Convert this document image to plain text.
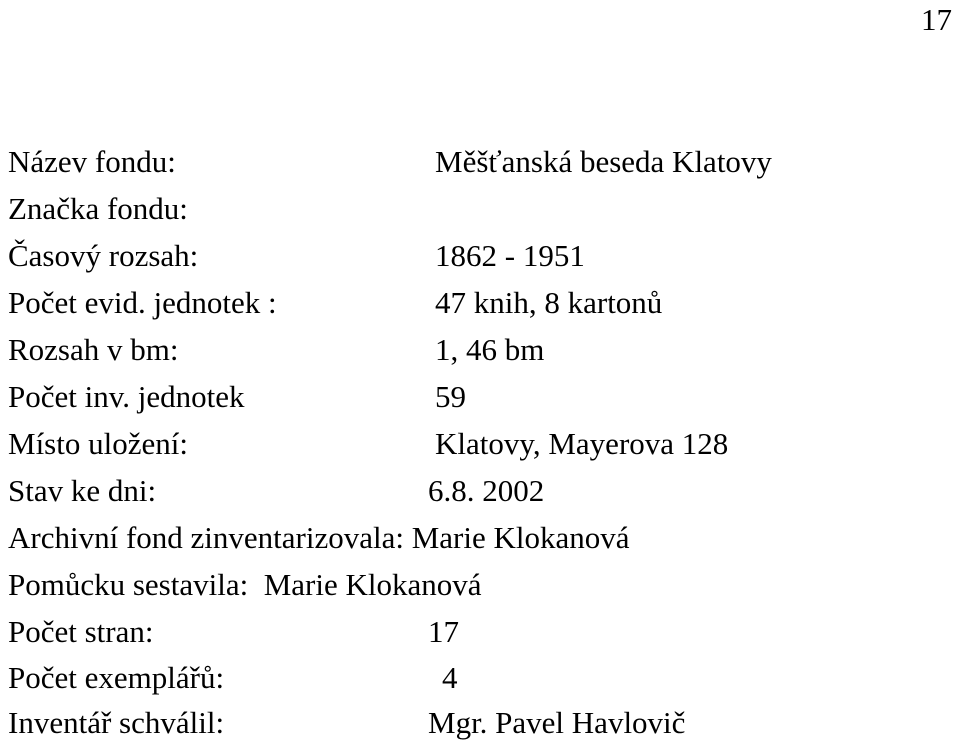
17
Název fondu:	Měšťanská beseda Klatovy
Značka fondu:
Časový rozsah:	1862 - 1951
Počet evid. jednotek :	47 knih, 8 kartonů
Rozsah v bm:	1, 46 bm
Počet inv. jednotek	59
Místo uložení:	Klatovy, Mayerova 128
Stav ke dni:	6.8. 2002
Archivní fond zinventarizovala: Marie Klokanová
Pomůcku sestavila:  Marie Klokanová
Počet stran:	17
Počet exemplářů:	4
Inventář schválil:	Mgr. Pavel Havlovič
